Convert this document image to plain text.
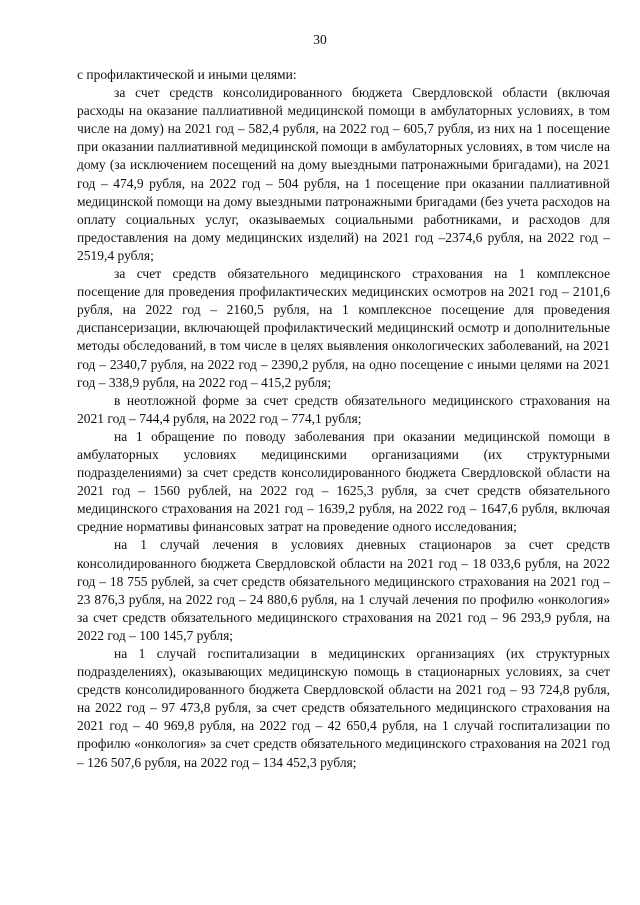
30

с профилактической и иными целями:

за счет средств консолидированного бюджета Свердловской области (включая расходы на оказание паллиативной медицинской помощи в амбулаторных условиях, в том числе на дому) на 2021 год – 582,4 рубля, на 2022 год – 605,7 рубля, из них на 1 посещение при оказании паллиативной медицинской помощи в амбулаторных условиях, в том числе на дому (за исключением посещений на дому выездными патронажными бригадами), на 2021 год – 474,9 рубля, на 2022 год – 504 рубля, на 1 посещение при оказании паллиативной медицинской помощи на дому выездными патронажными бригадами (без учета расходов на оплату социальных услуг, оказываемых социальными работниками, и расходов для предоставления на дому медицинских изделий) на 2021 год –2374,6 рубля, на 2022 год – 2519,4 рубля;

за счет средств обязательного медицинского страхования на 1 комплексное посещение для проведения профилактических медицинских осмотров на 2021 год – 2101,6 рубля, на 2022 год – 2160,5 рубля, на 1 комплексное посещение для проведения диспансеризации, включающей профилактический медицинский осмотр и дополнительные методы обследований, в том числе в целях выявления онкологических заболеваний, на 2021 год – 2340,7 рубля, на 2022 год – 2390,2 рубля, на одно посещение с иными целями на 2021 год – 338,9 рубля, на 2022 год – 415,2 рубля;

в неотложной форме за счет средств обязательного медицинского страхования на 2021 год – 744,4 рубля, на 2022 год – 774,1 рубля;

на 1 обращение по поводу заболевания при оказании медицинской помощи в амбулаторных условиях медицинскими организациями (их структурными подразделениями) за счет средств консолидированного бюджета Свердловской области на 2021 год – 1560 рублей, на 2022 год – 1625,3 рубля, за счет средств обязательного медицинского страхования на 2021 год – 1639,2 рубля, на 2022 год – 1647,6 рубля, включая средние нормативы финансовых затрат на проведение одного исследования;

на 1 случай лечения в условиях дневных стационаров за счет средств консолидированного бюджета Свердловской области на 2021 год – 18 033,6 рубля, на 2022 год – 18 755 рублей, за счет средств обязательного медицинского страхования на 2021 год – 23 876,3 рубля, на 2022 год – 24 880,6 рубля, на 1 случай лечения по профилю «онкология» за счет средств обязательного медицинского страхования на 2021 год – 96 293,9 рубля, на 2022 год – 100 145,7 рубля;

на 1 случай госпитализации в медицинских организациях (их структурных подразделениях), оказывающих медицинскую помощь в стационарных условиях, за счет средств консолидированного бюджета Свердловской области на 2021 год – 93 724,8 рубля, на 2022 год – 97 473,8 рубля, за счет средств обязательного медицинского страхования на 2021 год – 40 969,8 рубля, на 2022 год – 42 650,4 рубля, на 1 случай госпитализации по профилю «онкология» за счет средств обязательного медицинского страхования на 2021 год – 126 507,6 рубля, на 2022 год – 134 452,3 рубля;
